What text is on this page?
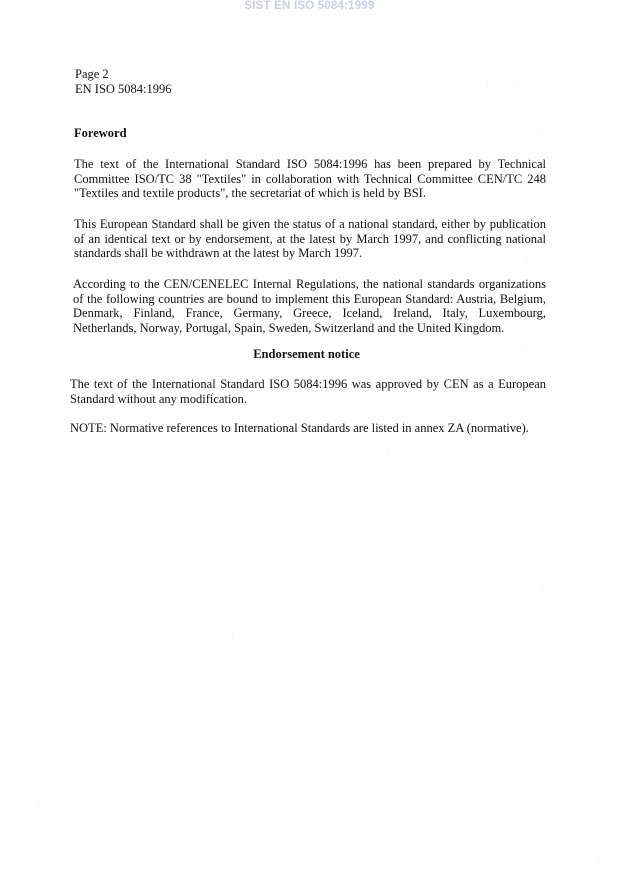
SIST EN ISO 5084:1999
Page 2
EN ISO 5084:1996
Foreword
The text of the International Standard ISO 5084:1996 has been prepared by Technical Committee ISO/TC 38 "Textiles" in collaboration with Technical Committee CEN/TC 248 "Textiles and textile products", the secretariat of which is held by BSI.
This European Standard shall be given the status of a national standard, either by publication of an identical text or by endorsement, at the latest by March 1997, and conflicting national standards shall be withdrawn at the latest by March 1997.
According to the CEN/CENELEC Internal Regulations, the national standards organizations of the following countries are bound to implement this European Standard: Austria, Belgium, Denmark, Finland, France, Germany, Greece, Iceland, Ireland, Italy, Luxembourg, Netherlands, Norway, Portugal, Spain, Sweden, Switzerland and the United Kingdom.
Endorsement notice
The text of the International Standard ISO 5084:1996 was approved by CEN as a European Standard without any modification.
NOTE: Normative references to International Standards are listed in annex ZA (normative).
